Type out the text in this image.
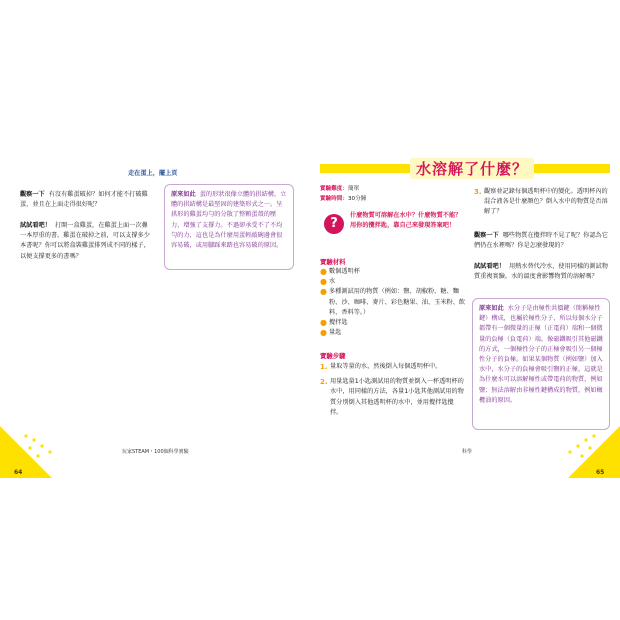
走在蛋上，擺上頁
觀察一下 有沒有雞蛋破掉？如何才能不打破雞蛋，並且在上面走得很好呢？
試試看吧！ 打開一盒雞蛋，在雞蛋上面一次疊一本厚重的書。雞蛋在破掉之前，可以支撐多少本書呢？你可以將盒裝雞蛋排列成不同的樣子，以便支撐更多的書嗎？
原來如此 蛋的形狀很像立體的拱結構，立體的拱結構是最堅固的建築形式之一。呈拱形的雞蛋均勻的分散了整顆蛋殼的壓力，增強了支撐力。不過卻承受不了不均勻的力，這也是為什麼用蛋輕敲碗邊會很容易破，或用腳踩來踏也容易破的原因。
64
玩家STEAM・100個科學實驗
水溶解了什麼？
實驗難度：簡單
實驗時間：30分鐘
?
什麼物質可溶解在水中？什麼物質不能？用你的攪拌匙，靠自己來發現答案吧！
實驗材料
● 數個透明杯
● 水
● 多種測試用的物質（例如：鹽、胡椒粉、糖、麵粉、沙、咖啡、麥片、彩色糖果、油、玉米粉、飲料、香料等。）
● 攪拌匙
● 量匙
實驗步驟
1. 量取等量的水，然後倒入每個透明杯中。
2. 用量匙量1小匙測試用的物質並倒入一杯透明杯的水中，用同樣的方法，各量1小匙其他測試用的物質分別倒入其他透明杯的水中，並用攪拌匙攪拌。
3. 觀察並記錄每個透明杯中的變化。透明杯內的混合液各是什麼顏色？倒入水中的物質是否溶解了？
觀察一下 哪些物質在攪拌時不見了呢？你認為它們仍在水裡嗎？你是怎麼發現的？
試試看吧！ 用熱水替代冷水，使用同樣的測試物質重複實驗。水的溫度會影響物質的溶解嗎？
原來如此 水分子是由極性共價鍵（簡稱極性鍵）構成，也屬於極性分子，所以每個水分子都帶有一個微量的正極（正電荷）端和一個微量的負極（負電荷）端。像磁鐵吸引其他磁鐵的方式，一個極性分子的正極會吸引另一個極性分子的負極。如果某個物質（例如鹽）加入水中，水分子的負極會吸引鹽的正極，這就是為什麼水可以溶解極性或帶電荷的物質，例如鹽；無法溶解由非極性鍵構成的物質，例如橄欖油的原因。
65
科學
